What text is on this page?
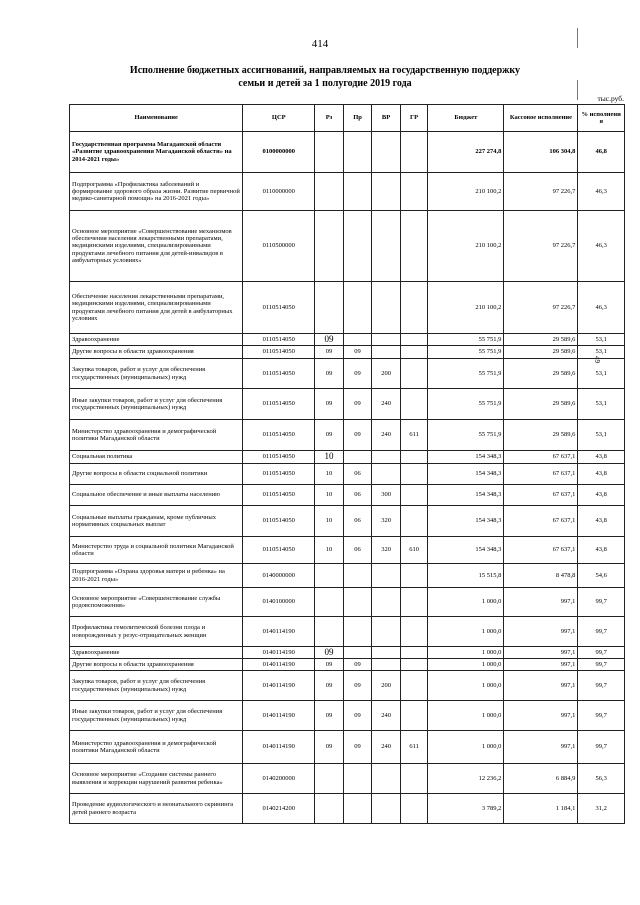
414
Исполнение бюджетных ассигнований, направляемых на государственную поддержку
семьи и детей за 1 полугодие 2019 года
тыс.руб.
49
Наименование	ЦСР	Рз	Пр	ВР	ГР	Бюджет	Кассовое исполнение	% исполнени я
Государственная программа Магаданской области «Развитие здравоохранения Магаданской области» на 2014-2021 годы»	0100000000					227 274,8	106 304,8	46,8
Подпрограмма «Профилактика заболеваний и формирование здорового образа жизни. Развитие первичной медико-санитарной помощи» на 2016-2021 годы»	0110000000					210 100,2	97 226,7	46,3
Основное мероприятие «Совершенствование механизмов обеспечения населения лекарственными препаратами, медицинскими изделиями, специализированными продуктами лечебного питания для детей-инвалидов в амбулаторных условиях»	0110500000					210 100,2	97 226,7	46,3
Обеспечение населения лекарственными препаратами, медицинскими изделиями, специализированными продуктами лечебного питания для детей в амбулаторных условиях	0110514050					210 100,2	97 226,7	46,3
Здравоохранение	0110514050	09				55 751,9	29 589,6	53,1
Другие вопросы в области здравоохранения	0110514050	09	09			55 751,9	29 589,6	53,1
Закупка товаров, работ и услуг для обеспечения государственных (муниципальных) нужд	0110514050	09	09	200		55 751,9	29 589,6	53,1
Иные закупки товаров, работ и услуг для обеспечения государственных (муниципальных) нужд	0110514050	09	09	240		55 751,9	29 589,6	53,1
Министерство здравоохранения и демографической политики Магаданской области	0110514050	09	09	240	611	55 751,9	29 589,6	53,1
Социальная политика	0110514050	10				154 348,3	67 637,1	43,8
Другие вопросы в области социальной политики	0110514050	10	06			154 348,3	67 637,1	43,8
Социальное обеспечение и иные выплаты населению	0110514050	10	06	300		154 348,3	67 637,1	43,8
Социальные выплаты гражданам, кроме публичных нормативных социальных выплат	0110514050	10	06	320		154 348,3	67 637,1	43,8
Министерство труда и социальной политики Магаданской области	0110514050	10	06	320	610	154 348,3	67 637,1	43,8
Подпрограмма «Охрана здоровья матери и ребенка» на 2016-2021 годы»	0140000000					15 515,8	8 478,8	54,6
Основное мероприятие «Совершенствование службы родовспоможения»	0140100000					1 000,0	997,1	99,7
Профилактика гемолитической болезни плода и новорожденных у резус-отрицательных женщин	0140114190					1 000,0	997,1	99,7
Здравоохранение	0140114190	09				1 000,0	997,1	99,7
Другие вопросы в области здравоохранения	0140114190	09	09			1 000,0	997,1	99,7
Закупка товаров, работ и услуг для обеспечения государственных (муниципальных) нужд	0140114190	09	09	200		1 000,0	997,1	99,7
Иные закупки товаров, работ и услуг для обеспечения государственных (муниципальных) нужд	0140114190	09	09	240		1 000,0	997,1	99,7
Министерство здравоохранения и демографической политики Магаданской области	0140114190	09	09	240	611	1 000,0	997,1	99,7
Основное мероприятие «Создание системы раннего выявления и коррекции нарушений развития ребенка»	0140200000					12 236,2	6 884,9	56,3
Проведение аудиологического и неонатального скрининга детей раннего возраста	0140214200					3 789,2	1 184,1	31,2
